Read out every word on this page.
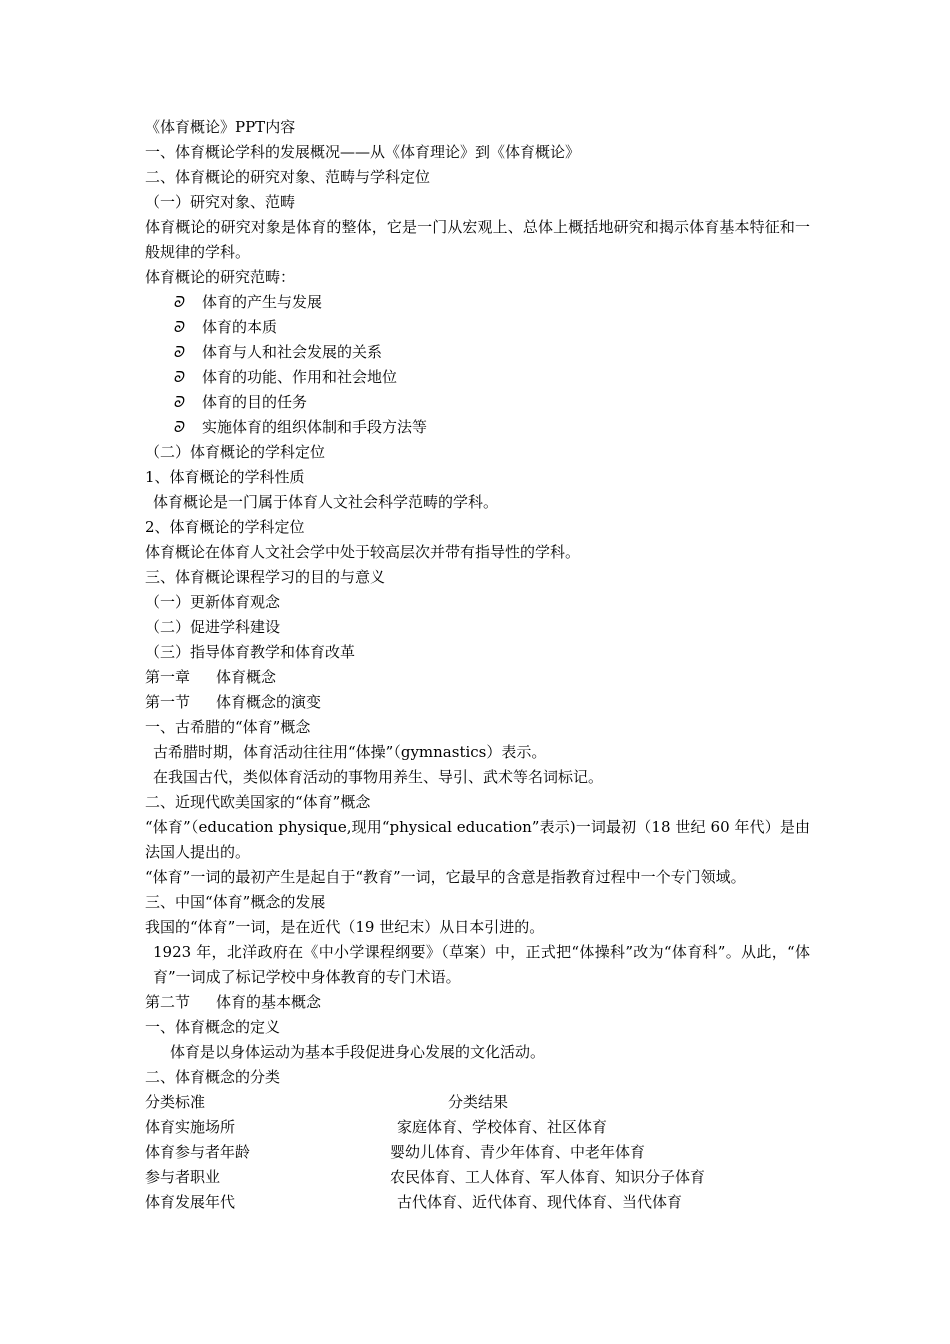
《体育概论》PPT内容

一、体育概论学科的发展概况——从《体育理论》到《体育概论》

二、体育概论的研究对象、范畴与学科定位

（一）研究对象、范畴

体育概论的研究对象是体育的整体，它是一门从宏观上、总体上概括地研究和揭示体育基本特征和一般规律的学科。

体育概论的研究范畴：

ᘐ	体育的产生与发展
ᘐ	体育的本质
ᘐ	体育与人和社会发展的关系
ᘐ	体育的功能、作用和社会地位
ᘐ	体育的目的任务
ᘐ	实施体育的组织体制和手段方法等

（二）体育概论的学科定位

1、体育概论的学科性质

体育概论是一门属于体育人文社会科学范畴的学科。

2、体育概论的学科定位

体育概论在体育人文社会学中处于较高层次并带有指导性的学科。

三、体育概论课程学习的目的与意义

（一）更新体育观念

（二）促进学科建设

（三）指导体育教学和体育改革

第一章 体育概念

第一节 体育概念的演变

一、古希腊的“体育”概念

古希腊时期，体育活动往往用“体操”（gymnastics）表示。

在我国古代，类似体育活动的事物用养生、导引、武术等名词标记。

二、近现代欧美国家的“体育”概念

“体育”（education physique,现用“physical education”表示)一词最初（18 世纪 60 年代）是由法国人提出的。

“体育”一词的最初产生是起自于“教育”一词，它最早的含意是指教育过程中一个专门领域。

三、中国“体育”概念的发展

我国的“体育”一词，是在近代（19 世纪末）从日本引进的。

1923 年，北洋政府在《中小学课程纲要》（草案）中，正式把“体操科”改为“体育科”。从此，“体育”一词成了标记学校中身体教育的专门术语。

第二节 体育的基本概念

一、体育概念的定义

体育是以身体运动为基本手段促进身心发展的文化活动。

二、体育概念的分类

分类标准	分类结果
体育实施场所	家庭体育、学校体育、社区体育
体育参与者年龄	婴幼儿体育、青少年体育、中老年体育
参与者职业	农民体育、工人体育、军人体育、知识分子体育
体育发展年代	古代体育、近代体育、现代体育、当代体育
